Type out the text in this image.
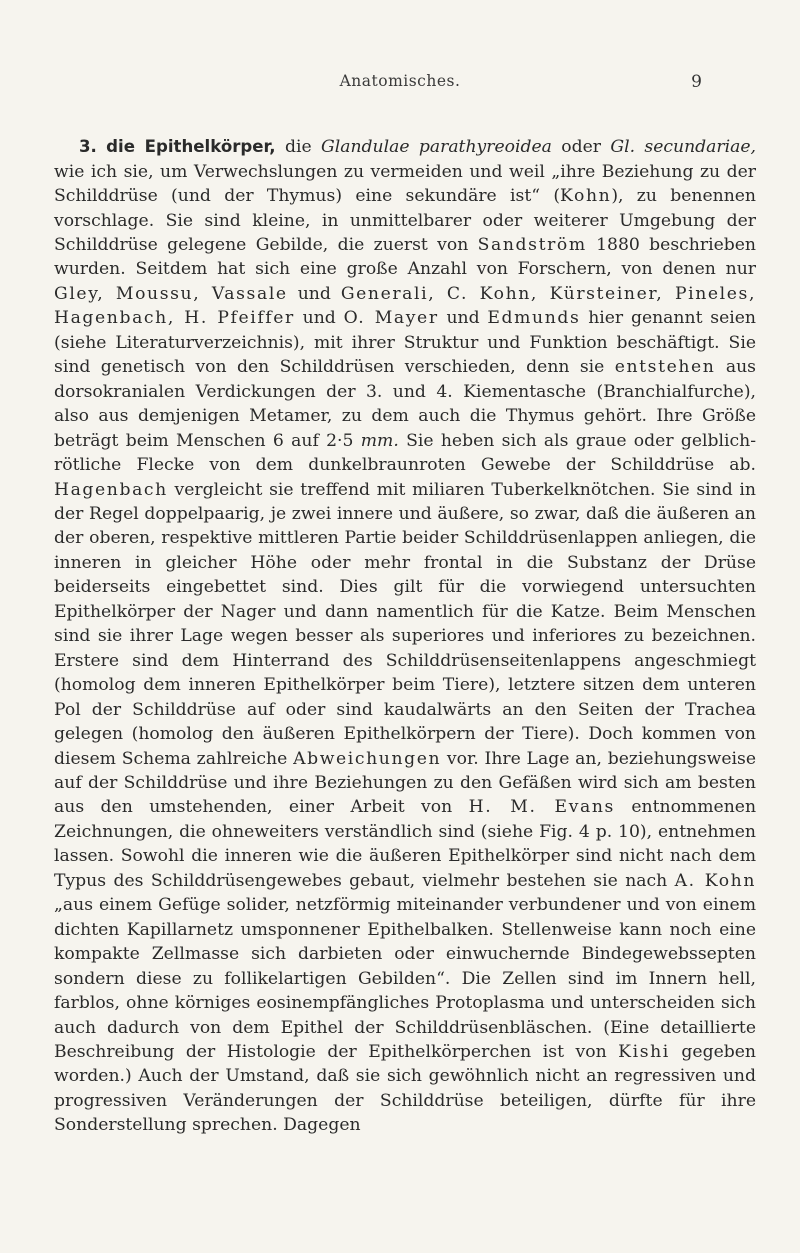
Anatomisches.	9

3. die Epithelkörper, die Glandulae parathyreoidea oder Gl. secundariae, wie ich sie, um Verwechslungen zu vermeiden und weil „ihre Beziehung zu der Schilddrüse (und der Thymus) eine sekundäre ist“ (Kohn), zu benennen vorschlage. Sie sind kleine, in unmittelbarer oder weiterer Umgebung der Schilddrüse gelegene Gebilde, die zuerst von Sandström 1880 beschrieben wurden. Seitdem hat sich eine große Anzahl von Forschern, von denen nur Gley, Moussu, Vassale und Generali, C. Kohn, Kürsteiner, Pineles, Hagenbach, H. Pfeiffer und O. Mayer und Edmunds hier genannt seien (siehe Literaturverzeichnis), mit ihrer Struktur und Funktion beschäftigt. Sie sind genetisch von den Schilddrüsen verschieden, denn sie entstehen aus dorsokranialen Verdickungen der 3. und 4. Kiementasche (Branchialfurche), also aus demjenigen Metamer, zu dem auch die Thymus gehört. Ihre Größe beträgt beim Menschen 6 auf 2·5 mm. Sie heben sich als graue oder gelblich-rötliche Flecke von dem dunkelbraunroten Gewebe der Schilddrüse ab. Hagenbach vergleicht sie treffend mit miliaren Tuberkelknötchen. Sie sind in der Regel doppelpaarig, je zwei innere und äußere, so zwar, daß die äußeren an der oberen, respektive mittleren Partie beider Schilddrüsenlappen anliegen, die inneren in gleicher Höhe oder mehr frontal in die Substanz der Drüse beiderseits eingebettet sind. Dies gilt für die vorwiegend untersuchten Epithelkörper der Nager und dann namentlich für die Katze. Beim Menschen sind sie ihrer Lage wegen besser als superiores und inferiores zu bezeichnen. Erstere sind dem Hinterrand des Schilddrüsenseitenlappens angeschmiegt (homolog dem inneren Epithelkörper beim Tiere), letztere sitzen dem unteren Pol der Schilddrüse auf oder sind kaudalwärts an den Seiten der Trachea gelegen (homolog den äußeren Epithelkörpern der Tiere). Doch kommen von diesem Schema zahlreiche Abweichungen vor. Ihre Lage an, beziehungsweise auf der Schilddrüse und ihre Beziehungen zu den Gefäßen wird sich am besten aus den umstehenden, einer Arbeit von H. M. Evans entnommenen Zeichnungen, die ohneweiters verständlich sind (siehe Fig. 4 p. 10), entnehmen lassen. Sowohl die inneren wie die äußeren Epithelkörper sind nicht nach dem Typus des Schilddrüsengewebes gebaut, vielmehr bestehen sie nach A. Kohn „aus einem Gefüge solider, netzförmig miteinander verbundener und von einem dichten Kapillarnetz umsponnener Epithelbalken. Stellenweise kann noch eine kompakte Zellmasse sich darbieten oder einwuchernde Bindegewebssepten sondern diese zu follikelartigen Gebilden“. Die Zellen sind im Innern hell, farblos, ohne körniges eosinempfängliches Protoplasma und unterscheiden sich auch dadurch von dem Epithel der Schilddrüsenbläschen. (Eine detaillierte Beschreibung der Histologie der Epithelkörperchen ist von Kishi gegeben worden.) Auch der Umstand, daß sie sich gewöhnlich nicht an regressiven und progressiven Veränderungen der Schilddrüse beteiligen, dürfte für ihre Sonderstellung sprechen. Dagegen
